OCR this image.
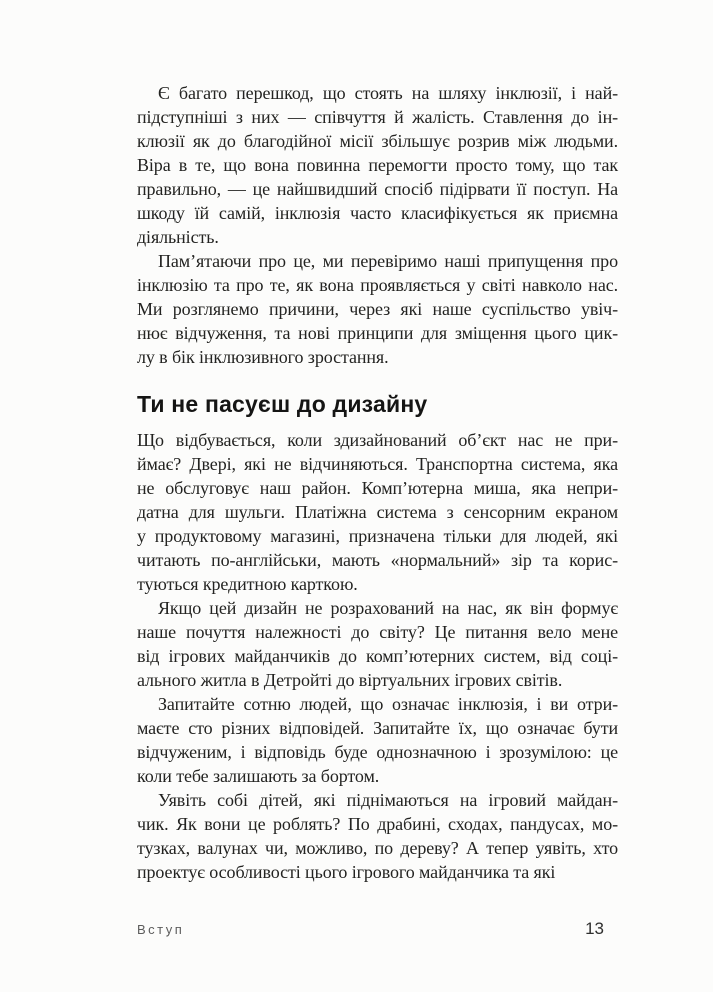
Є багато перешкод, що стоять на шляху інклюзії, і най-
підступніші з них — співчуття й жалість. Ставлення до ін-
клюзії як до благодійної місії збільшує розрив між людьми.
Віра в те, що вона повинна перемогти просто тому, що так
правильно, — це найшвидший спосіб підірвати її поступ. На
шкоду їй самій, інклюзія часто класифікується як приємна
діяльність.
Пам’ятаючи про це, ми перевіримо наші припущення про
інклюзію та про те, як вона проявляється у світі навколо нас.
Ми розглянемо причини, через які наше суспільство увіч-
нює відчуження, та нові принципи для зміщення цього цик-
лу в бік інклюзивного зростання.
Ти не пасуєш до дизайну
Що відбувається, коли здизайнований об’єкт нас не при-
ймає? Двері, які не відчиняються. Транспортна система, яка
не обслуговує наш район. Комп’ютерна миша, яка непри-
датна для шульги. Платіжна система з сенсорним екраном
у продуктовому магазині, призначена тільки для людей, які
читають по-англійськи, мають «нормальний» зір та корис-
туються кредитною карткою.
Якщо цей дизайн не розрахований на нас, як він формує
наше почуття належності до світу? Це питання вело мене
від ігрових майданчиків до комп’ютерних систем, від соці-
ального житла в Детройті до віртуальних ігрових світів.
Запитайте сотню людей, що означає інклюзія, і ви отри-
маєте сто різних відповідей. Запитайте їх, що означає бути
відчуженим, і відповідь буде однозначною і зрозумілою: це
коли тебе залишають за бортом.
Уявіть собі дітей, які піднімаються на ігровий майдан-
чик. Як вони це роблять? По драбині, сходах, пандусах, мо-
тузках, валунах чи, можливо, по дереву? А тепер уявіть, хто
проектує особливості цього ігрового майданчика та які
Вступ	13
